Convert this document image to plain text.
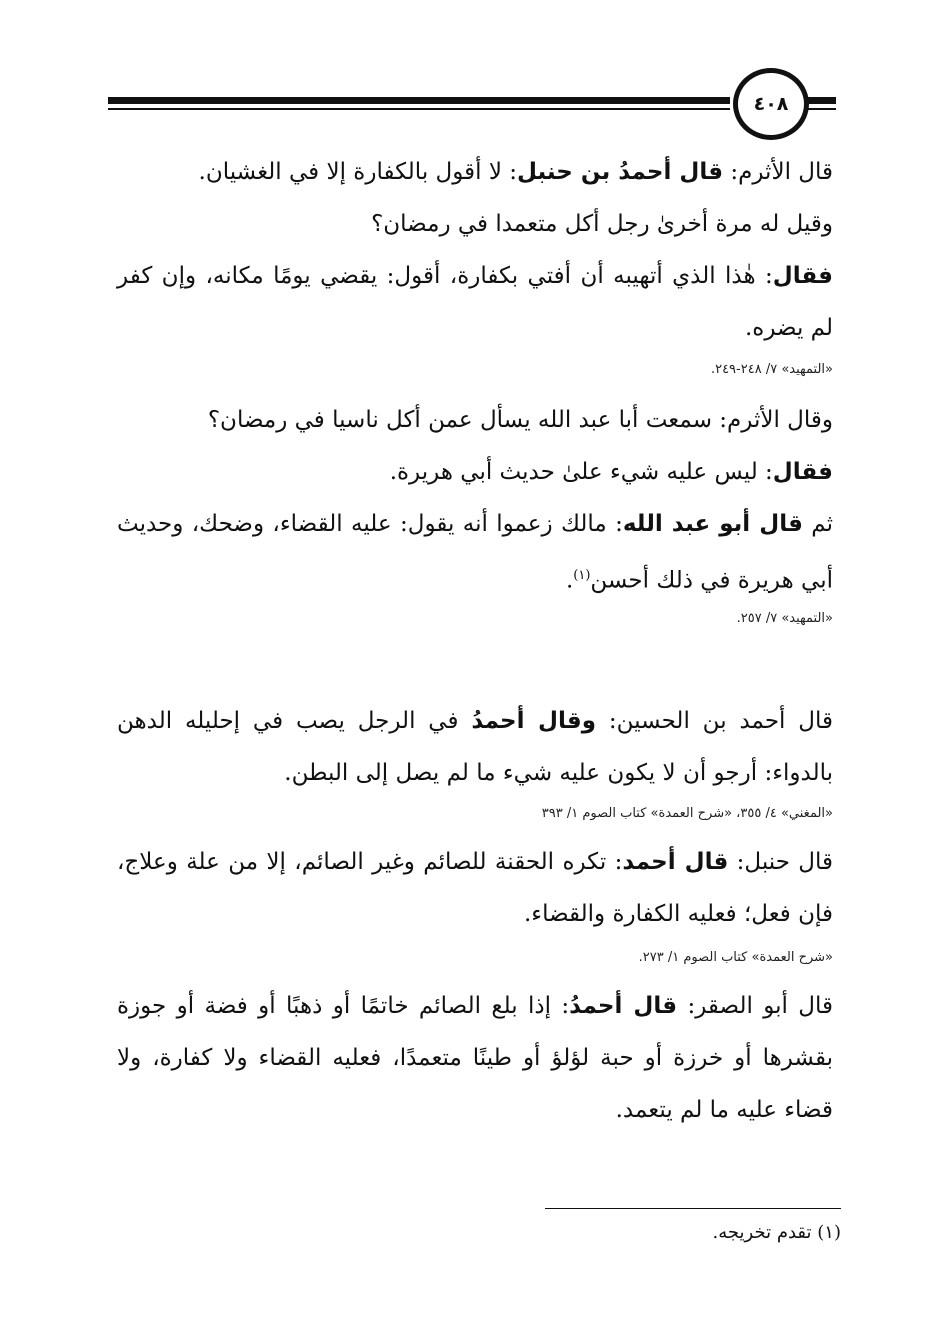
٤٠٨

قال الأثرم: قال أحمدُ بن حنبل: لا أقول بالكفارة إلا في الغشيان.

وقيل له مرة أخرىٰ رجل أكل متعمدا في رمضان؟

فقال: هٰذا الذي أتهيبه أن أفتي بكفارة، أقول: يقضي يومًا مكانه، وإن كفر لم يضره.

«التمهيد» ٧/ ٢٤٨-٢٤٩.

وقال الأثرم: سمعت أبا عبد الله يسأل عمن أكل ناسيا في رمضان؟

فقال: ليس عليه شيء علىٰ حديث أبي هريرة.

ثم قال أبو عبد الله: مالك زعموا أنه يقول: عليه القضاء، وضحك، وحديث أبي هريرة في ذلك أحسن$^{(١)}$.

«التمهيد» ٧/ ٢٥٧.

قال أحمد بن الحسين: وقال أحمدُ في الرجل يصب في إحليله الدهن بالدواء: أرجو أن لا يكون عليه شيء ما لم يصل إلى البطن.

«المغني» ٤/ ٣٥٥، «شرح العمدة» كتاب الصوم ١/ ٣٩٣

قال حنبل: قال أحمد: تكره الحقنة للصائم وغير الصائم، إلا من علة وعلاج، فإن فعل؛ فعليه الكفارة والقضاء.

«شرح العمدة» كتاب الصوم ١/ ٢٧٣.

قال أبو الصقر: قال أحمدُ: إذا بلع الصائم خاتمًا أو ذهبًا أو فضة أو جوزة بقشرها أو خرزة أو حبة لؤلؤ أو طينًا متعمدًا، فعليه القضاء ولا كفارة، ولا قضاء عليه ما لم يتعمد.

(١) تقدم تخريجه.
